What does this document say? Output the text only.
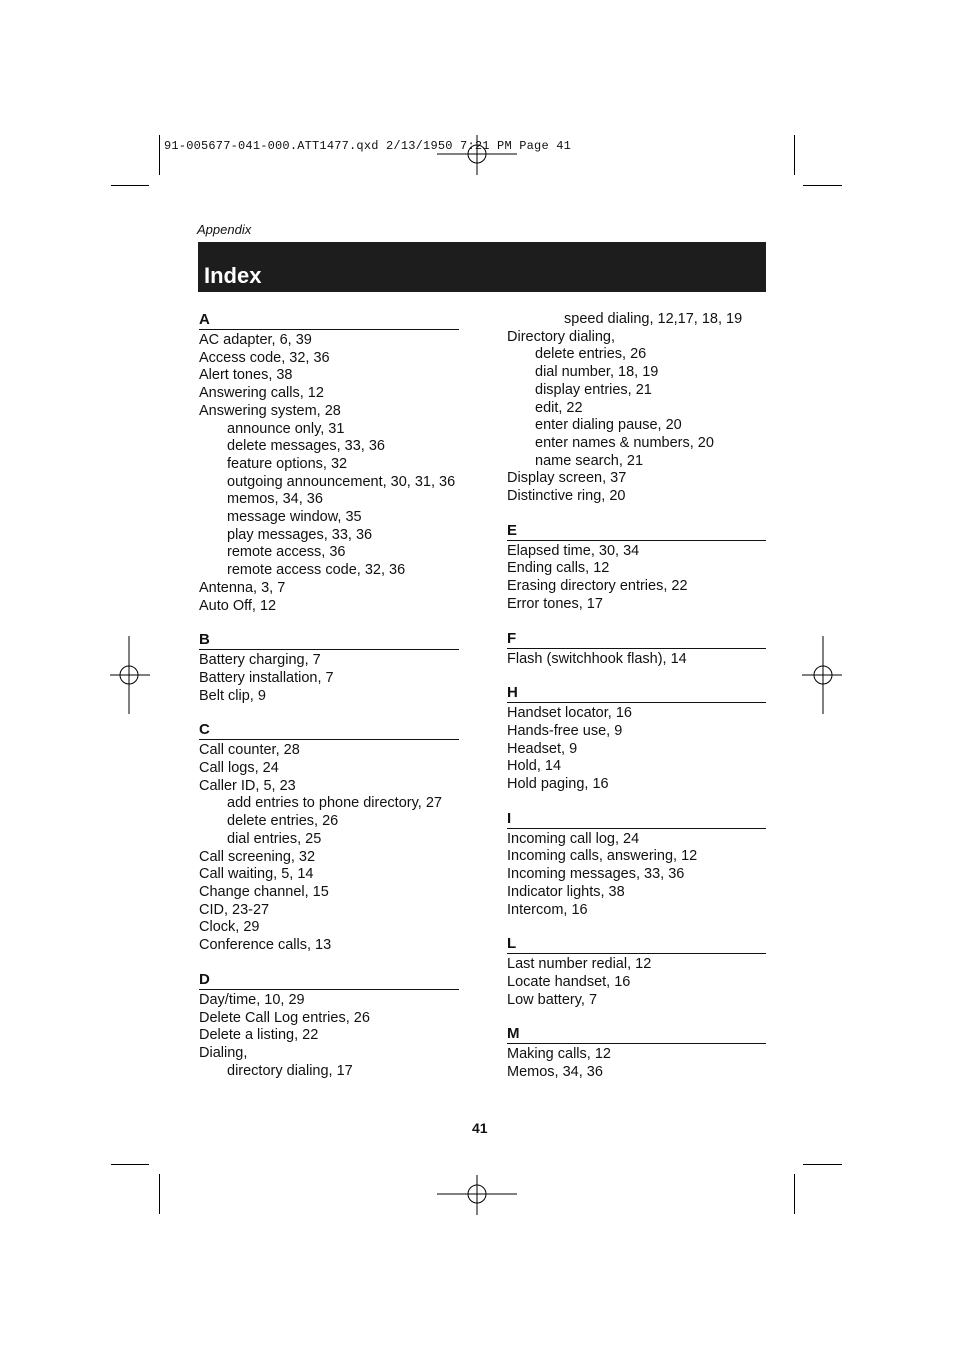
91-005677-041-000.ATT1477.qxd 2/13/1950 7:21 PM Page 41
Appendix
Index
A
AC adapter, 6, 39
Access code, 32, 36
Alert tones, 38
Answering calls, 12
Answering system, 28
announce only, 31
delete messages, 33, 36
feature options, 32
outgoing announcement, 30, 31, 36
memos, 34, 36
message window, 35
play messages, 33, 36
remote access, 36
remote access code, 32, 36
Antenna, 3, 7
Auto Off, 12
B
Battery charging, 7
Battery installation, 7
Belt clip, 9
C
Call counter, 28
Call logs, 24
Caller ID, 5, 23
add entries to phone directory, 27
delete entries, 26
dial entries, 25
Call screening, 32
Call waiting, 5, 14
Change channel, 15
CID, 23-27
Clock, 29
Conference calls, 13
D
Day/time, 10, 29
Delete Call Log entries, 26
Delete a listing, 22
Dialing,
directory dialing, 17
speed dialing, 12,17, 18, 19
Directory dialing,
delete entries, 26
dial number, 18, 19
display entries, 21
edit, 22
enter dialing pause, 20
enter names & numbers, 20
name search, 21
Display screen, 37
Distinctive ring, 20
E
Elapsed time, 30, 34
Ending calls, 12
Erasing directory entries, 22
Error tones, 17
F
Flash (switchhook flash), 14
H
Handset locator, 16
Hands-free use, 9
Headset, 9
Hold, 14
Hold paging, 16
I
Incoming call log, 24
Incoming calls, answering, 12
Incoming messages, 33, 36
Indicator lights, 38
Intercom, 16
L
Last number redial, 12
Locate handset, 16
Low battery, 7
M
Making calls, 12
Memos, 34, 36
41
